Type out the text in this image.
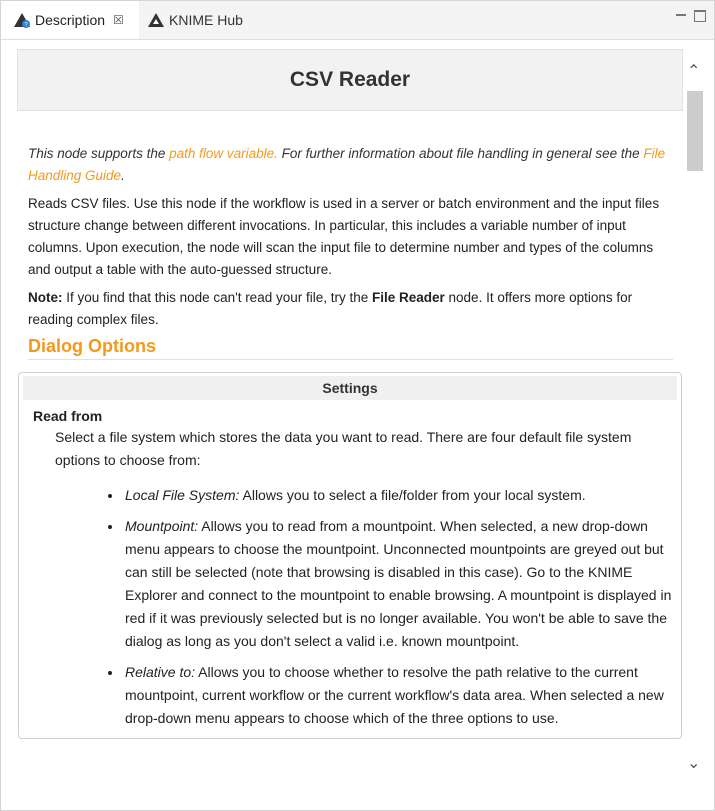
? Description ☒	KNIME Hub
CSV Reader

This node supports the path flow variable. For further information about file handling in general see the File Handling Guide.

Reads CSV files. Use this node if the workflow is used in a server or batch environment and the input files structure change between different invocations. In particular, this includes a variable number of input columns. Upon execution, the node will scan the input file to determine number and types of the columns and output a table with the auto-guessed structure.

Note: If you find that this node can't read your file, try the File Reader node. It offers more options for reading complex files.

Dialog Options
Settings
Read from
Select a file system which stores the data you want to read. There are four default file system options to choose from:
• Local File System: Allows you to select a file/folder from your local system.
• Mountpoint: Allows you to read from a mountpoint. When selected, a new drop-down menu appears to choose the mountpoint. Unconnected mountpoints are greyed out but can still be selected (note that browsing is disabled in this case). Go to the KNIME Explorer and connect to the mountpoint to enable browsing. A mountpoint is displayed in red if it was previously selected but is no longer available. You won't be able to save the dialog as long as you don't select a valid i.e. known mountpoint.
• Relative to: Allows you to choose whether to resolve the path relative to the current mountpoint, current workflow or the current workflow's data area. When selected a new drop-down menu appears to choose which of the three options to use.
⌃
⌄
